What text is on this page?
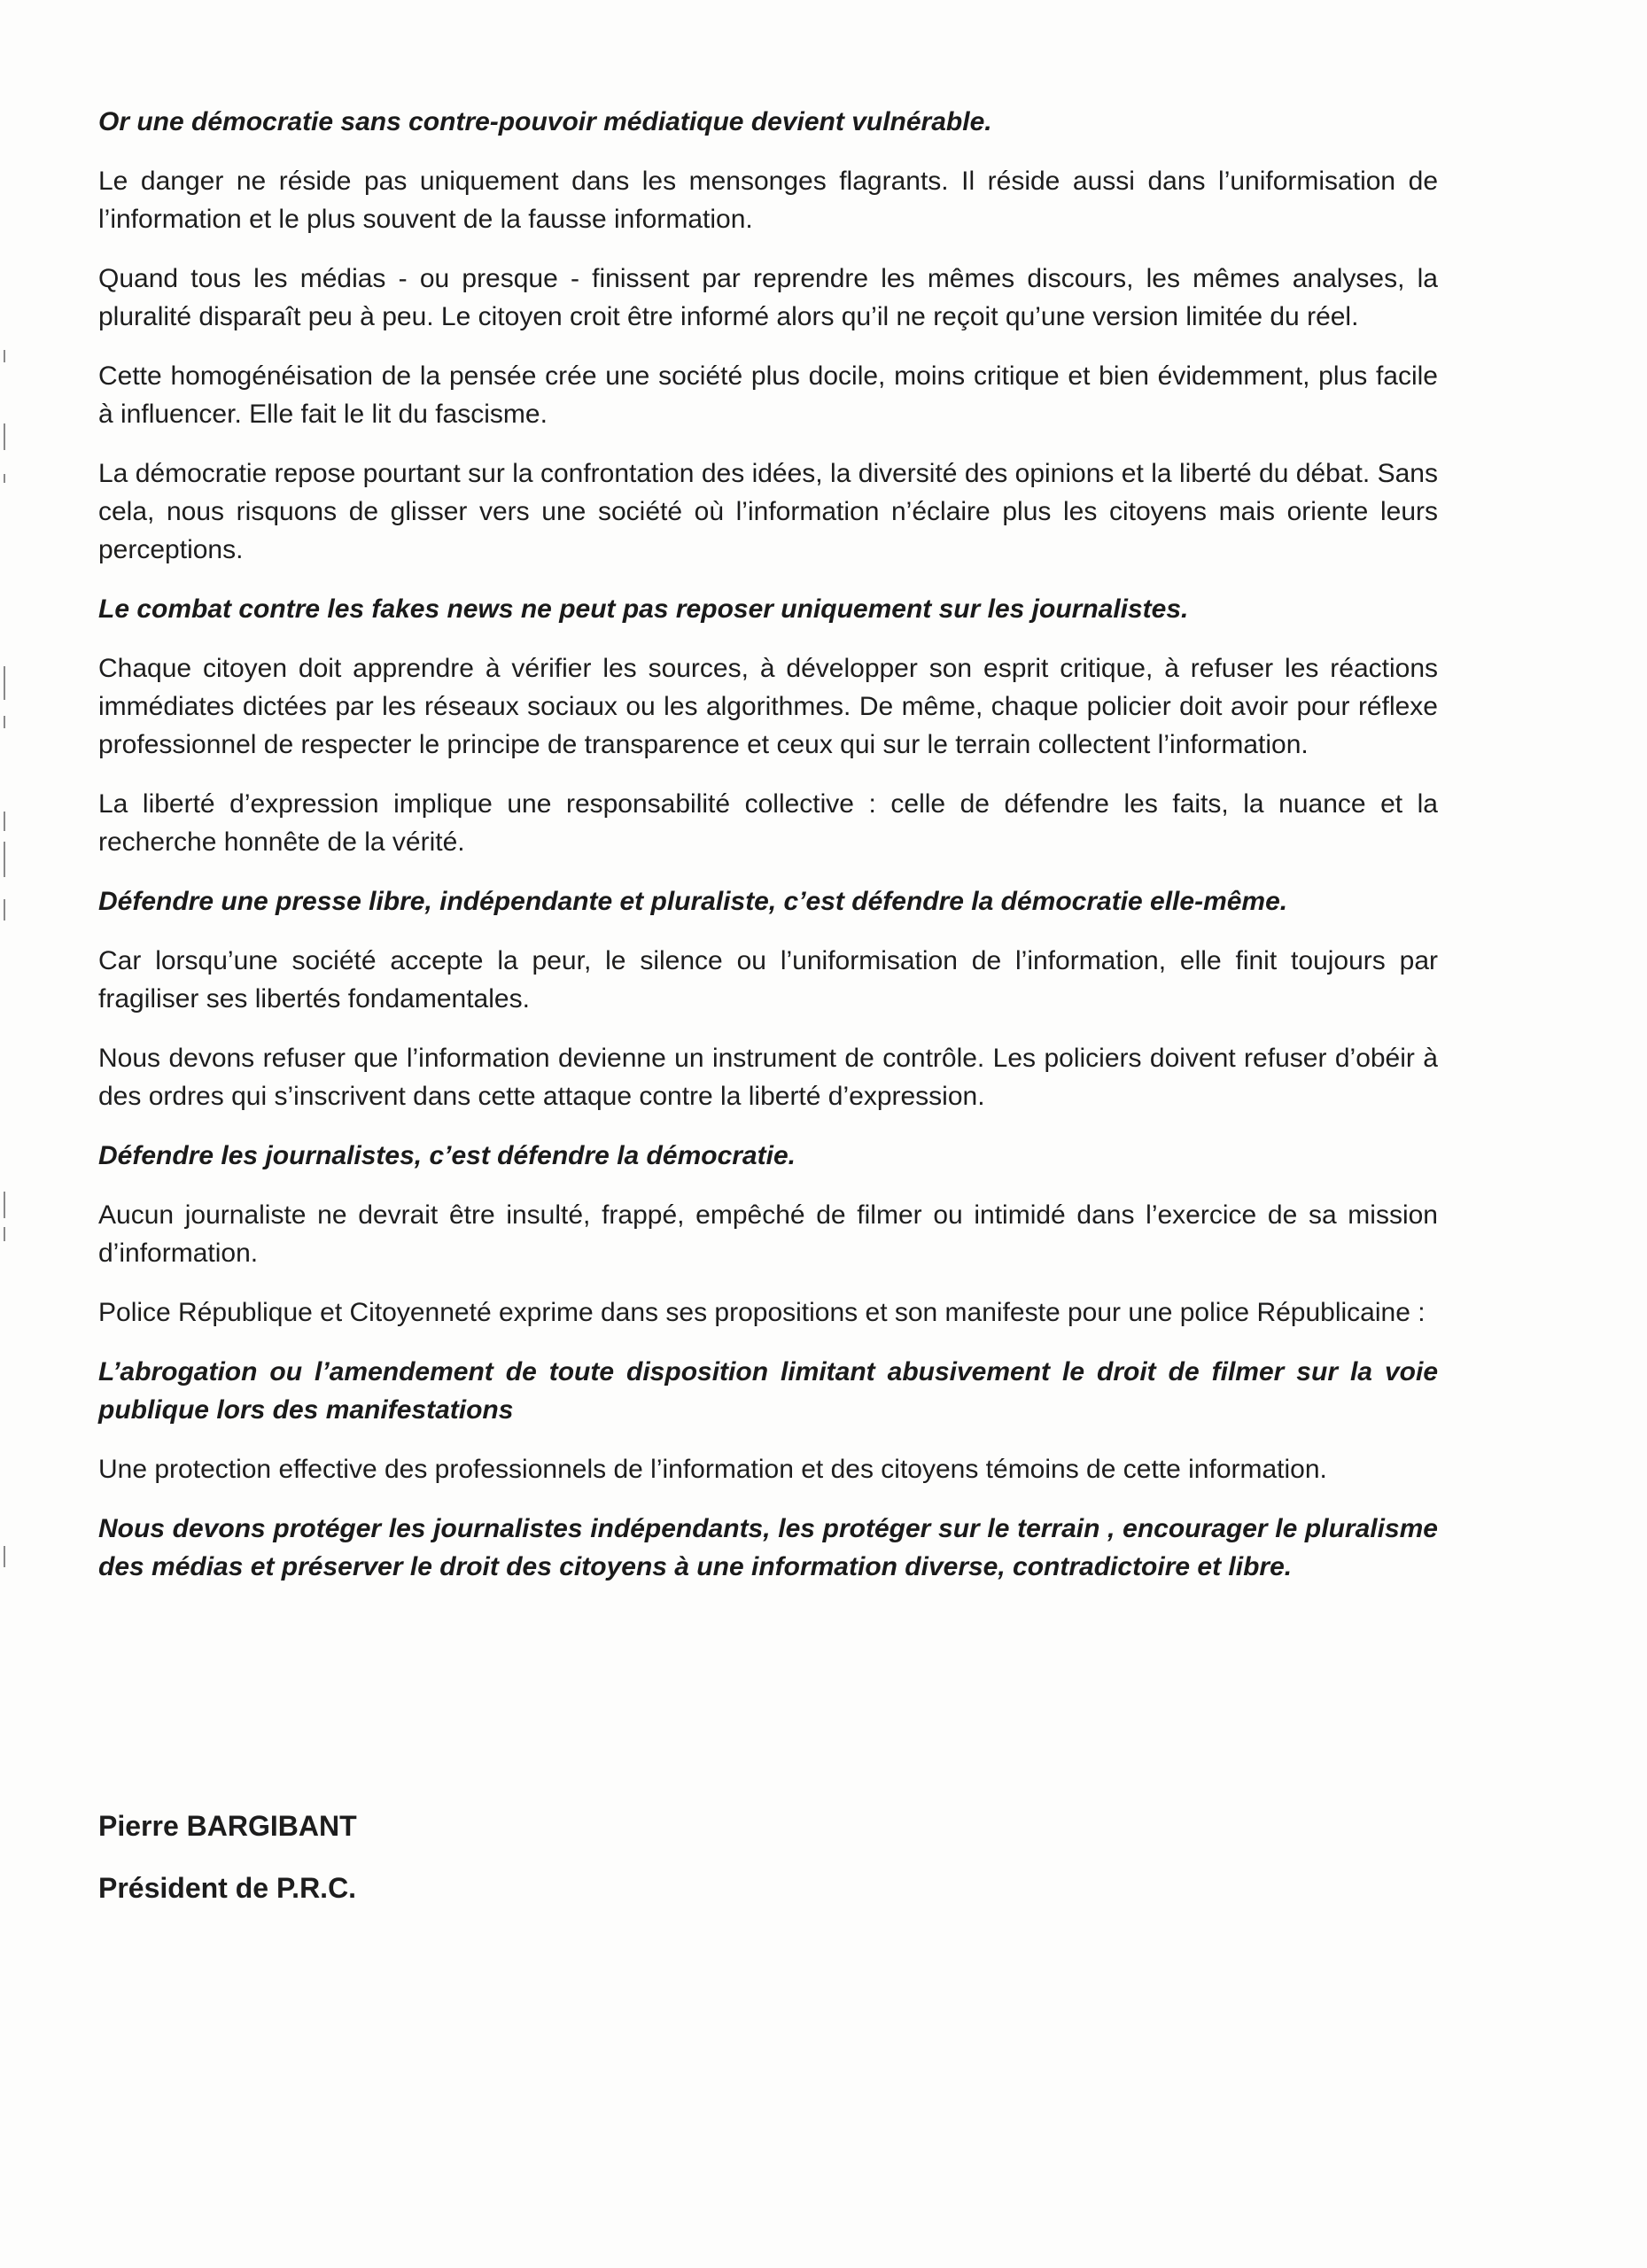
Or une démocratie sans contre-pouvoir médiatique devient vulnérable.

Le danger ne réside pas uniquement dans les mensonges flagrants. Il réside aussi dans l’uniformisation de l’information et le plus souvent de la fausse information.

Quand tous les médias - ou presque - finissent par reprendre les mêmes discours, les mêmes analyses, la pluralité disparaît peu à peu. Le citoyen croit être informé alors qu’il ne reçoit qu’une version limitée du réel.

Cette homogénéisation de la pensée crée une société plus docile, moins critique et bien évidemment, plus facile à influencer. Elle fait le lit du fascisme.

La démocratie repose pourtant sur la confrontation des idées, la diversité des opinions et la liberté du débat. Sans cela, nous risquons de glisser vers une société où l’information n’éclaire plus les citoyens mais oriente leurs perceptions.

Le combat contre les fakes news ne peut pas reposer uniquement sur les journalistes.

Chaque citoyen doit apprendre à vérifier les sources, à développer son esprit critique, à refuser les réactions immédiates dictées par les réseaux sociaux ou les algorithmes. De même, chaque policier doit avoir pour réflexe professionnel de respecter le principe de transparence et ceux qui sur le terrain collectent l’information.

La liberté d’expression implique une responsabilité collective : celle de défendre les faits, la nuance et la recherche honnête de la vérité.

Défendre une presse libre, indépendante et pluraliste, c’est défendre la démocratie elle-même.

Car lorsqu’une société accepte la peur, le silence ou l’uniformisation de l’information, elle finit toujours par fragiliser ses libertés fondamentales.

Nous devons refuser que l’information devienne un instrument de contrôle. Les policiers doivent refuser d’obéir à des ordres qui s’inscrivent dans cette attaque contre la liberté d’expression.

Défendre les journalistes, c’est défendre la démocratie.

Aucun journaliste ne devrait être insulté, frappé, empêché de filmer ou intimidé dans l’exercice de sa mission d’information.

Police République et Citoyenneté exprime dans ses propositions et son manifeste pour une police Républicaine :

L’abrogation ou l’amendement de toute disposition limitant abusivement le droit de filmer sur la voie publique lors des manifestations

Une protection effective des professionnels de l’information et des citoyens témoins de cette information.

Nous devons protéger les journalistes indépendants, les protéger sur le terrain , encourager le pluralisme des médias et préserver le droit des citoyens à une information diverse, contradictoire et libre.

Pierre BARGIBANT
Président de P.R.C.
